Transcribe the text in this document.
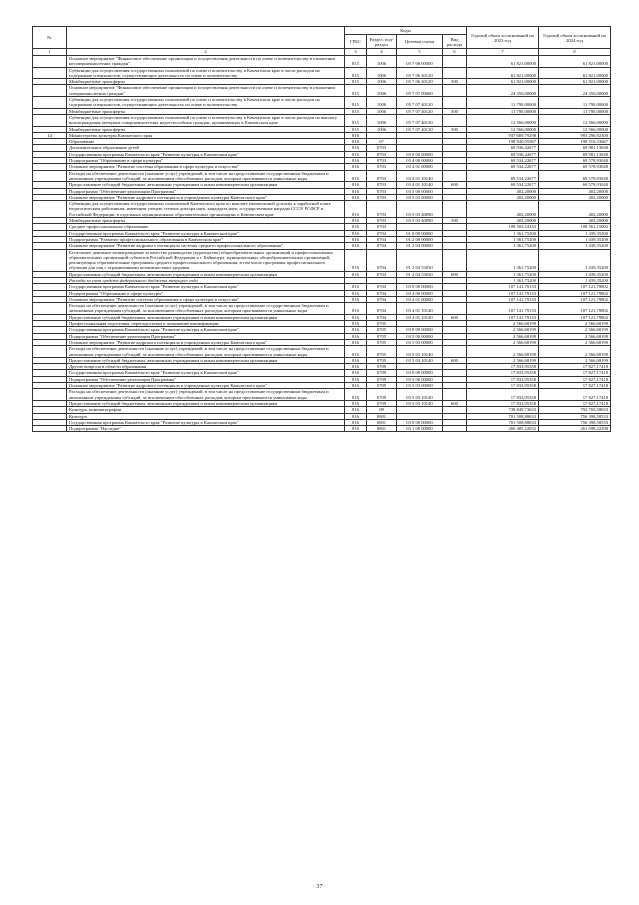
№		Коды				Годовой объем ассигнований на 2023 год	Годовой объем ассигнований на 2024 год
		ГРБС	Раздел, под-раздел	Целевая статья	Вид расхода		
1	2	3	4	5	6	7	8
	Основное мероприятие "Финансовое обеспечение организации и осуществления деятельности по опеке и попечительству в отношении несовершеннолетних граждан"	815	1006	05 7 06 00000		61 821,00000	61 821,00000
	Субвенции для осуществления государственных полномочий по опеке и попечительству в Камчатском крае в части расходов на содержание специалистов, осуществляющих деятельность по опеке и попечительству	815	1006	05 7 06 40120		61 821,00000	61 821,00000
	Межбюджетные трансферты	815	1006	05 7 06 40120	500	61 821,00000	61 821,00000
	Основное мероприятие "Финансовое обеспечение организации и осуществления деятельности по опеке и попечительству в отношении совершеннолетних граждан"	815	1006	05 7 07 00000		24 356,00000	24 356,00000
	Субвенции для осуществления государственных полномочий по опеке и попечительству в Камчатском крае в части расходов на содержание специалистов, осуществляющих деятельность по опеке и попечительству	815	1006	05 7 07 40120		11 790,00000	11 790,00000
	Межбюджетные трансферты	815	1006	05 7 07 40120	500	11 790,00000	11 790,00000
	Субвенции для осуществления государственных полномочий по опеке и попечительству в Камчатском крае в части расходов на выплату вознаграждения опекунам совершеннолетних недееспособных граждан, проживающих в Камчатском крае	815	1006	05 7 07 40130		12 566,00000	12 566,00000
	Межбюджетные трансферты	815	1006	05 7 07 40130	500	12 566,00000	12 566,00000
14	Министерство культуры Камчатского края	816				937 689,79298	993 296,92300
	Образование	816	07			198 840,05567	198 516,33667
	Дополнительное образование детей	816	0703			69 936,42677	69 981,13048
	Государственная программа Камчатского края "Развитие культуры в Камчатском крае"	816	0703	03 0 00 00000		69 936,42677	69 981,13048
	Подпрограмма "Образование в сфере культуры"	816	0703	03 4 00 00000		69 534,22677	69 578,93048
	Основное мероприятие "Развитие системы образования в сфере культуры и искусства"	816	0703	03 4 01 00000		69 534,22677	69 578,93048
	Расходы на обеспечение деятельности (оказание услуг) учреждений, в том числе на предоставление государственным бюджетным и автономным учреждениям субсидий, за исключением обособленных расходов, которым присваиваются уникальные коды	816	0703	03 4 01 10140		69 534,22677	69 578,93048
	Предоставление субсидий бюджетным, автономным учреждениям и иным некоммерческим организациям	816	0703	03 4 01 10140	600	69 534,22677	69 578,93048
	Подпрограмма "Обеспечение реализации Программы"	816	0703	03 5 00 00000		402,20000	402,20000
	Основное мероприятие "Развитие кадрового потенциала в учреждениях культуры Камчатского края"	816	0703	03 5 03 00000		402,20000	402,20000
	Субвенции для осуществления государственных полномочий Камчатского края по выплате ежемесячной доплаты к заработной плате педагогическим работникам, имеющим ученую степень доктора наук, кандидата наук, государственные награды СССР, РСФСР и Российской Федерации, в отдельных муниципальных образовательных организациях в Камчатском крае	816	0703	03 5 03 40090		402,20000	402,20000
	Межбюджетные трансферты	816	0703	03 5 03 40090	500	402,20000	402,20000
	Среднее профессиональное образование	816	0704			108 503,54333	108 561,15002
	Государственная программа Камчатского края "Развитие культуры в Камчатском крае"	816	0704	01 0 00 00000		1 361,75200	1 439,35200
	Подпрограмма "Развитие профессионального образования в Камчатском крае"	816	0704	01 2 00 00000		1 361,75200	1 439,35200
	Основное мероприятие "Развитие кадрового потенциала системы среднего профессионального образования"	816	0704	01 2 04 00000		1 361,75200	1 439,35200
	Бесплатное денежное вознаграждение за качество руководства (кураторство) общеобразовательных организаций и профессиональных образовательных организаций субъектов Российской Федерации и г. Байконура, муниципальных общеобразовательных организаций, реализующих образовательные программы среднего профессионального образования, в том числе программы профессионального обучения для лиц с ограниченными возможностями здоровья	816	0704	01 2 04 53030		1 361,75200	1 439,35200
	Предоставление субсидий бюджетным, автономным учреждениям и иным некоммерческим организациям	816	0704	01 2 04 53030	600	1 361,75200	1 439,35200
	Расходы за счет средств федерального бюджета текущего года					1 361,75200	1 439,35200
	Государственная программа Камчатского края "Развитие культуры в Камчатском крае"	816	0704	03 0 00 00000		107 141,79133	107 121,79802
	Подпрограмма "Образование в сфере культуры"	816	0704	03 4 00 00000		107 141,79133	107 121,79802
	Основное мероприятие "Развитие системы образования в сфере культуры и искусства"	816	0704	03 4 01 00000		107 141,79133	107 121,79802
	Расходы на обеспечение деятельности (оказание услуг) учреждений, в том числе на предоставление государственным бюджетным и автономным учреждениям субсидий, за исключением обособленных расходов, которым присваиваются уникальные коды	816	0704	03 4 01 10140		107 141,79133	107 121,79802
	Предоставление субсидий бюджетным, автономным учреждениям и иным некоммерческим организациям	816	0704	03 4 01 10140	600	107 141,79133	107 121,79802
	Профессиональная подготовка, переподготовка и повышение квалификации	816	0705			2 566,68199	2 566,68199
	Государственная программа Камчатского края "Развитие культуры в Камчатском крае"	816	0705	03 0 00 00000		2 566,68199	2 566,68199
	Подпрограмма "Обеспечение реализации Программы"	816	0705	03 5 00 00000		2 566,68199	2 566,68199
	Основное мероприятие "Развитие кадрового потенциала в учреждениях культуры Камчатского края"	816	0705	03 5 03 00000		2 566,68199	2 566,68199
	Расходы на обеспечение деятельности (оказание услуг) учреждений, в том числе на предоставление государственным бюджетным и автономным учреждениям субсидий, за исключением обособленных расходов, которым присваиваются уникальные коды	816	0705	03 5 03 10140		2 566,68199	2 566,68199
	Предоставление субсидий бюджетным, автономным учреждениям и иным некоммерческим организациям	816	0705	03 5 03 10140	600	2 566,68199	2 566,68199
	Другие вопросы в области образования	816	0709			17 833,95358	17 827,17418
	Государственная программа Камчатского края "Развитие культуры в Камчатском крае"	816	0709	03 0 00 00000		17 833,95358	17 827,17418
	Подпрограмма "Обеспечение реализации Программы"	816	0709	03 5 00 00000		17 833,95358	17 827,17418
	Основное мероприятие "Развитие кадрового потенциала в учреждениях культуры Камчатского края"	816	0709	03 5 03 00000		17 833,95358	17 827,17418
	Расходы на обеспечение деятельности (оказание услуг) учреждений, в том числе на предоставление государственным бюджетным и автономным учреждениям субсидий, за исключением обособленных расходов, которым присваиваются уникальные коды	816	0709	03 5 03 10140		17 833,95358	17 827,17418
	Предоставление субсидий бюджетным, автономным учреждениям и иным некоммерческим организациям	816	0709	03 5 03 10140	600	17 833,95358	17 827,17418
	Культура, кинематография	816	08			738 849,73633	792 769,58633
	Культура	816	0801			701 508,88633	756 398,58533
	Государственная программа Камчатского края "Развитие культуры в Камчатском крае"	816	0801	03 0 00 00000		701 508,88633	756 398,58533
	Подпрограмма "Наследие"	816	0801	03 1 00 00000		260 485,22032	261 598,22298
37
